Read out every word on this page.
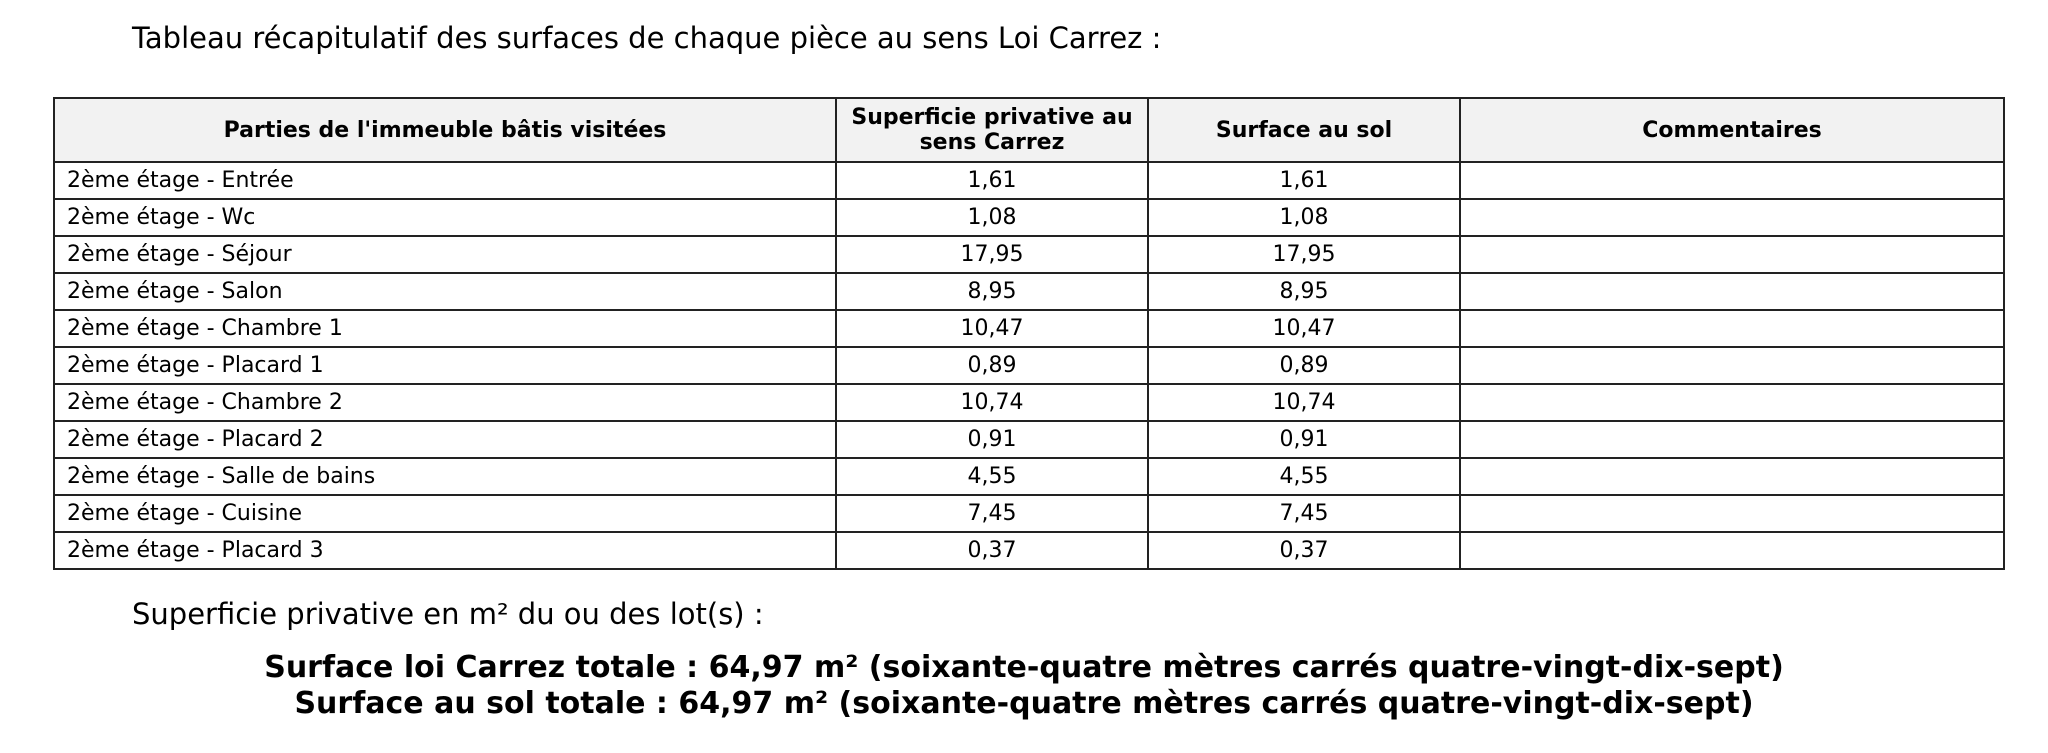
Tableau récapitulatif des surfaces de chaque pièce au sens Loi Carrez :
Parties de l'immeuble bâtis visitées	Superficie privative au sens Carrez	Surface au sol	Commentaires
2ème étage - Entrée	1,61	1,61	
2ème étage - Wc	1,08	1,08	
2ème étage - Séjour	17,95	17,95	
2ème étage - Salon	8,95	8,95	
2ème étage - Chambre 1	10,47	10,47	
2ème étage - Placard 1	0,89	0,89	
2ème étage - Chambre 2	10,74	10,74	
2ème étage - Placard 2	0,91	0,91	
2ème étage - Salle de bains	4,55	4,55	
2ème étage - Cuisine	7,45	7,45	
2ème étage - Placard 3	0,37	0,37	
Superficie privative en m² du ou des lot(s) :
Surface loi Carrez totale : 64,97 m² (soixante-quatre mètres carrés quatre-vingt-dix-sept)
Surface au sol totale : 64,97 m² (soixante-quatre mètres carrés quatre-vingt-dix-sept)
